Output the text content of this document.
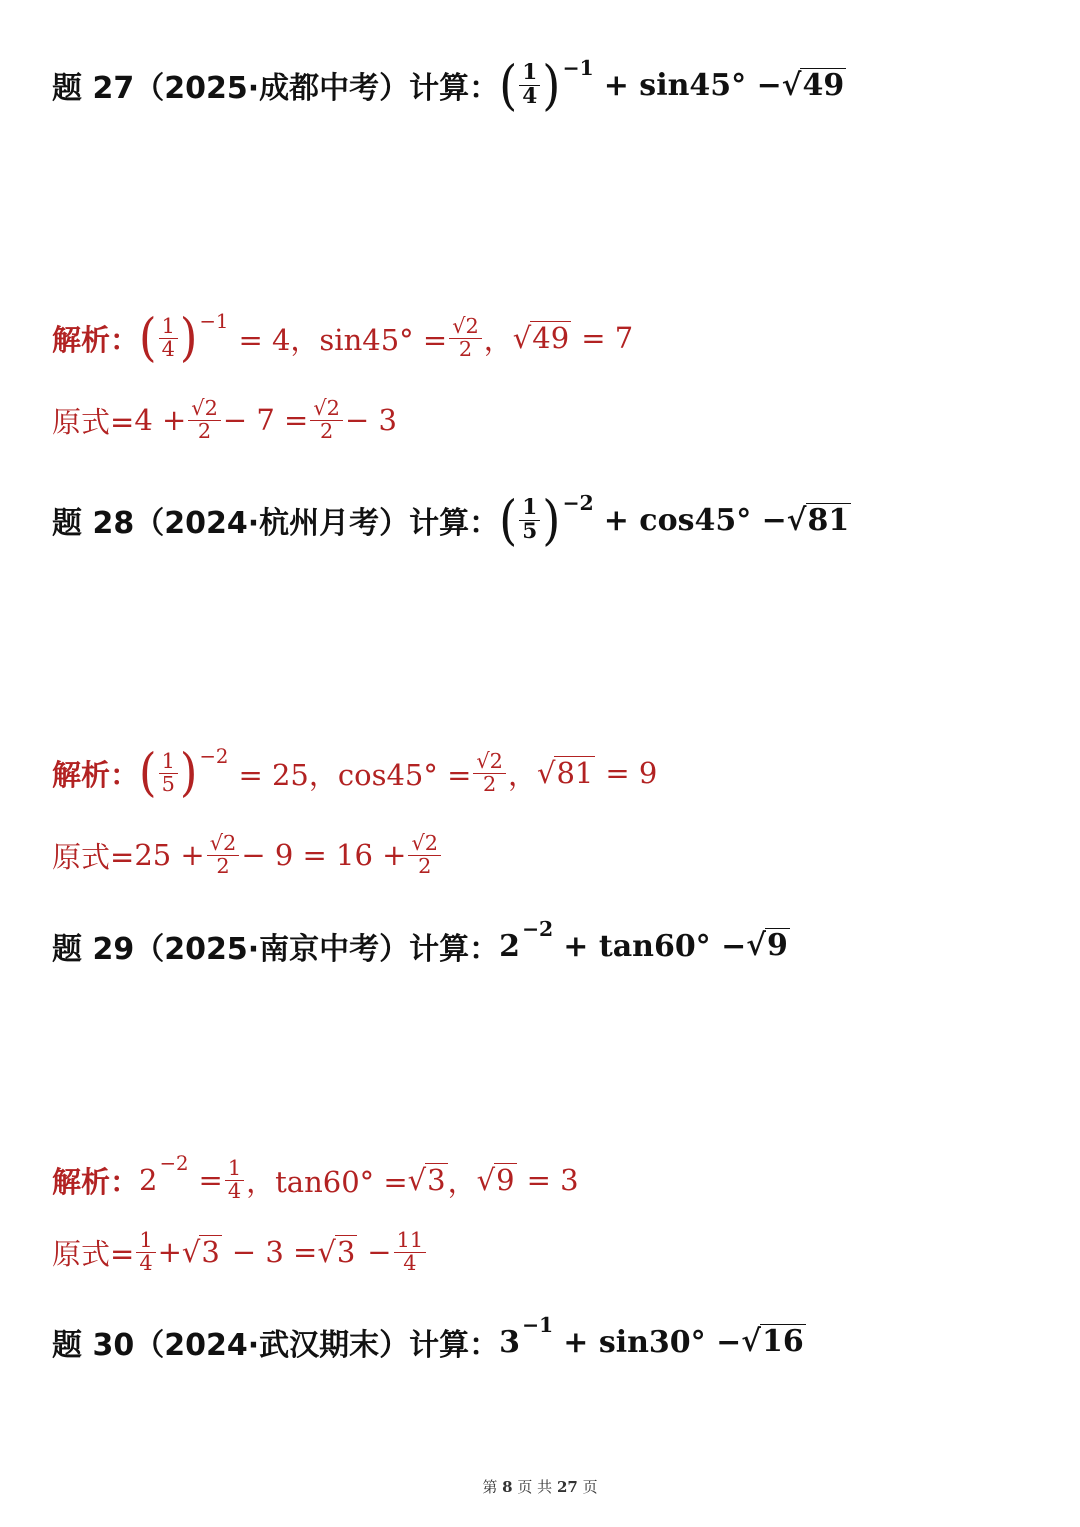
题 27（2025·成都中考）计算： ( $\frac{1}{4}$ ) −1 + sin45° − √ 49
解析： ( $\frac{1}{4}$ ) −1
= 4，$\sin 45^\circ = \frac{√2}{2}$ ， √ 49 = 7
原式= $4 + \frac{√2}{2} - 7 = \frac{√2}{2} - 3$
题 28（2024·杭州月考）计算： ( $\frac{1}{5}$ ) −2 + cos45° − √ 81
解析： ( $\frac{1}{5}$ ) −2
= 25，$\cos 45^\circ = \frac{√2}{2}$ ， √ 81 = 9
原式= $25 + \frac{√2}{2} - 9 = 16 + \frac{√2}{2}$
题 29（2025·南京中考）计算： 2 −2 + tan60° − √ 9
解析： $2 -2 = \frac{1}{4}$ ，tan60° = √ 3 ， √ 9 = 3
原式= $\frac{1}{4}$ + √ 3 − 3 = √ $3 - \frac{11}{4}$
题 30（2024·武汉期末）计算： 3 −1 + sin30° − √ 16
第 8 页 共 27 页
